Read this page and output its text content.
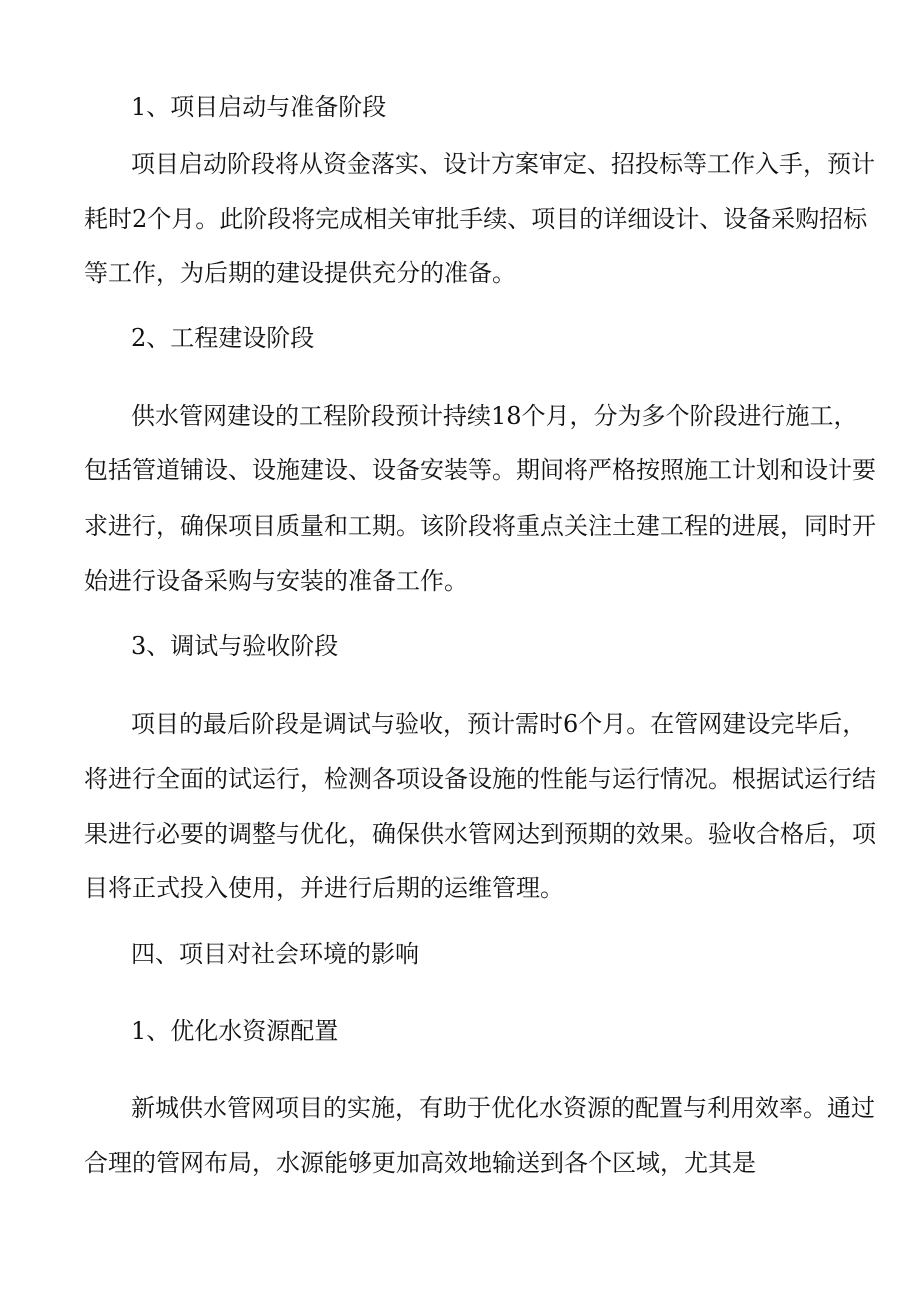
1、项目启动与准备阶段
项目启动阶段将从资金落实、设计方案审定、招投标等工作入手，预计
耗时2个月。此阶段将完成相关审批手续、项目的详细设计、设备采购招标
等工作，为后期的建设提供充分的准备。
2、工程建设阶段
供水管网建设的工程阶段预计持续18个月，分为多个阶段进行施工，
包括管道铺设、设施建设、设备安装等。期间将严格按照施工计划和设计要
求进行，确保项目质量和工期。该阶段将重点关注土建工程的进展，同时开
始进行设备采购与安装的准备工作。
3、调试与验收阶段
项目的最后阶段是调试与验收，预计需时6个月。在管网建设完毕后，
将进行全面的试运行，检测各项设备设施的性能与运行情况。根据试运行结
果进行必要的调整与优化，确保供水管网达到预期的效果。验收合格后，项
目将正式投入使用，并进行后期的运维管理。
四、项目对社会环境的影响
1、优化水资源配置
新城供水管网项目的实施，有助于优化水资源的配置与利用效率。通过
合理的管网布局，水源能够更加高效地输送到各个区域，尤其是
